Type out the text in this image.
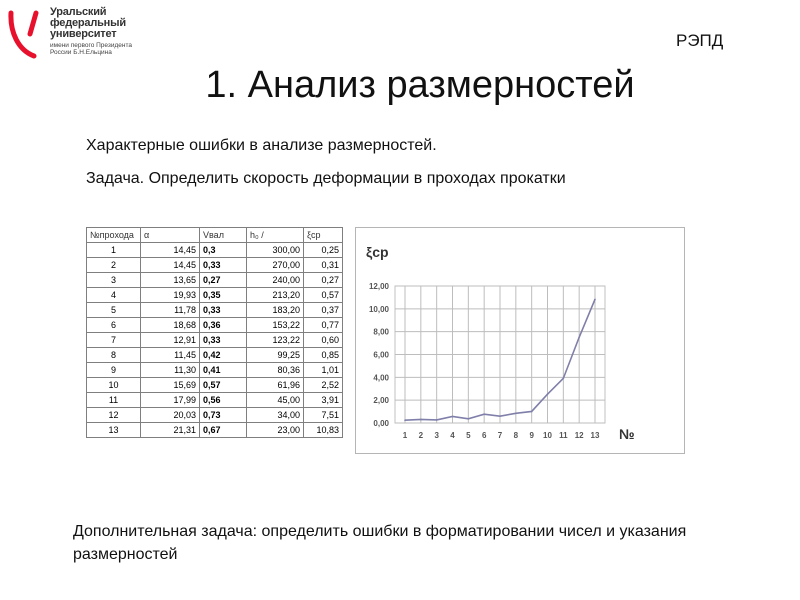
Уральский
федеральный
университет
имени первого Президента
России Б.Н.Ельцина
РЭПД
1. Анализ размерностей
Характерные ошибки в анализе размерностей.
Задача. Определить скорость деформации в проходах прокатки
№прохода	α	Vвал	h₀ /	ξср
1	14,45	0,3	300,00	0,25
2	14,45	0,33	270,00	0,31
3	13,65	0,27	240,00	0,27
4	19,93	0,35	213,20	0,57
5	11,78	0,33	183,20	0,37
6	18,68	0,36	153,22	0,77
7	12,91	0,33	123,22	0,60
8	11,45	0,42	99,25	0,85
9	11,30	0,41	80,36	1,01
10	15,69	0,57	61,96	2,52
11	17,99	0,56	45,00	3,91
12	20,03	0,73	34,00	7,51
13	21,31	0,67	23,00	10,83
ξср
0,00
2,00
4,00
6,00
8,00
10,00
12,00
1 2 3 4 5 6 7 8 9 10 11 12 13 №
Дополнительная задача: определить ошибки в форматировании чисел и указания размерностей
